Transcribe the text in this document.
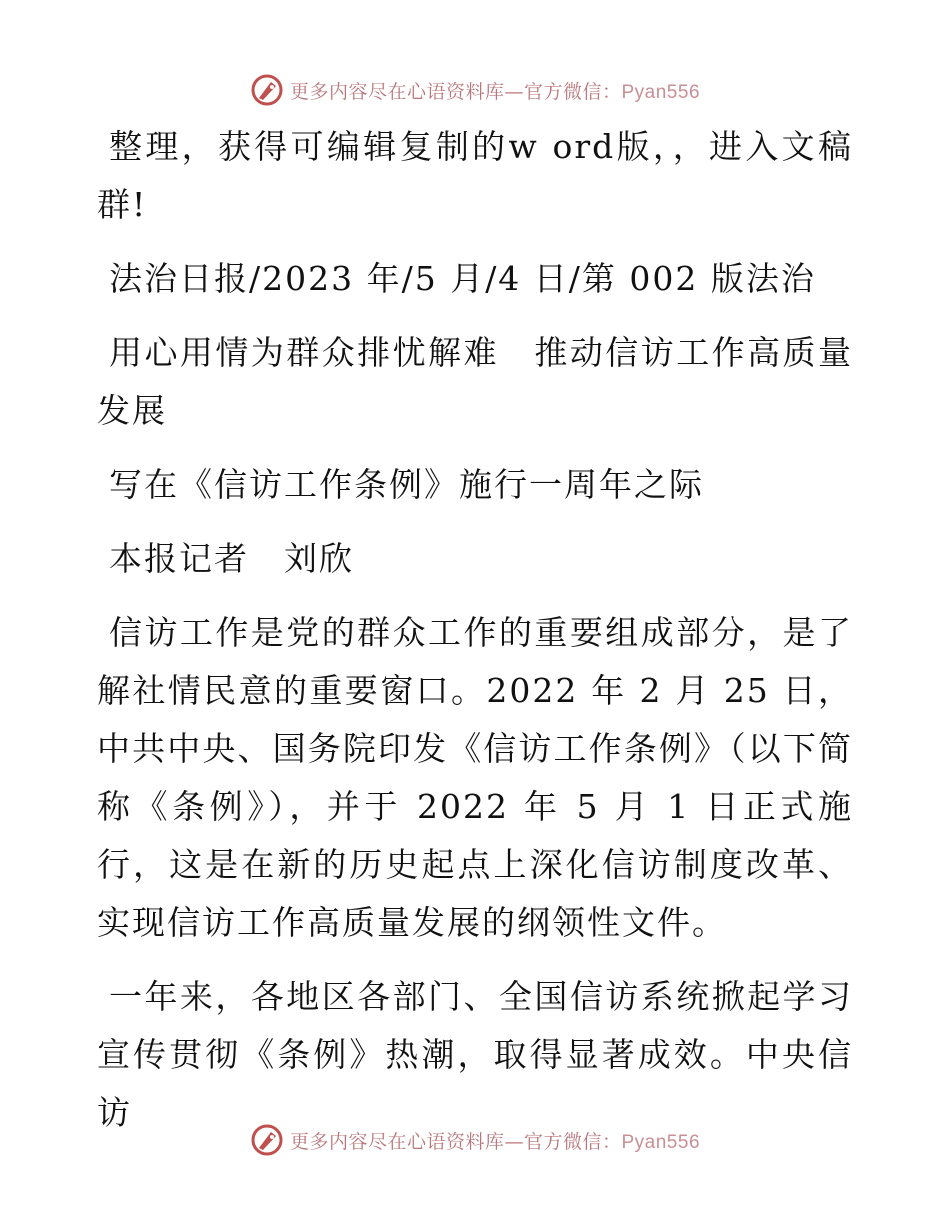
更多内容尽在心语资料库—官方微信：Pyan556

整理，获得可编辑复制的w ord版，，进入文稿群!

法治日报/2023 年/5 月/4 日/第 002 版法治

用心用情为群众排忧解难　推动信访工作高质量发展

写在《信访工作条例》施行一周年之际

本报记者　刘欣

信访工作是党的群众工作的重要组成部分，是了解社情民意的重要窗口。2022 年 2 月 25 日，中共中央、国务院印发《信访工作条例》（以下简称《条例》），并于 2022 年 5 月 1 日正式施行，这是在新的历史起点上深化信访制度改革、实现信访工作高质量发展的纲领性文件。

一年来，各地区各部门、全国信访系统掀起学习宣传贯彻《条例》热潮，取得显著成效。中央信访

更多内容尽在心语资料库—官方微信：Pyan556
